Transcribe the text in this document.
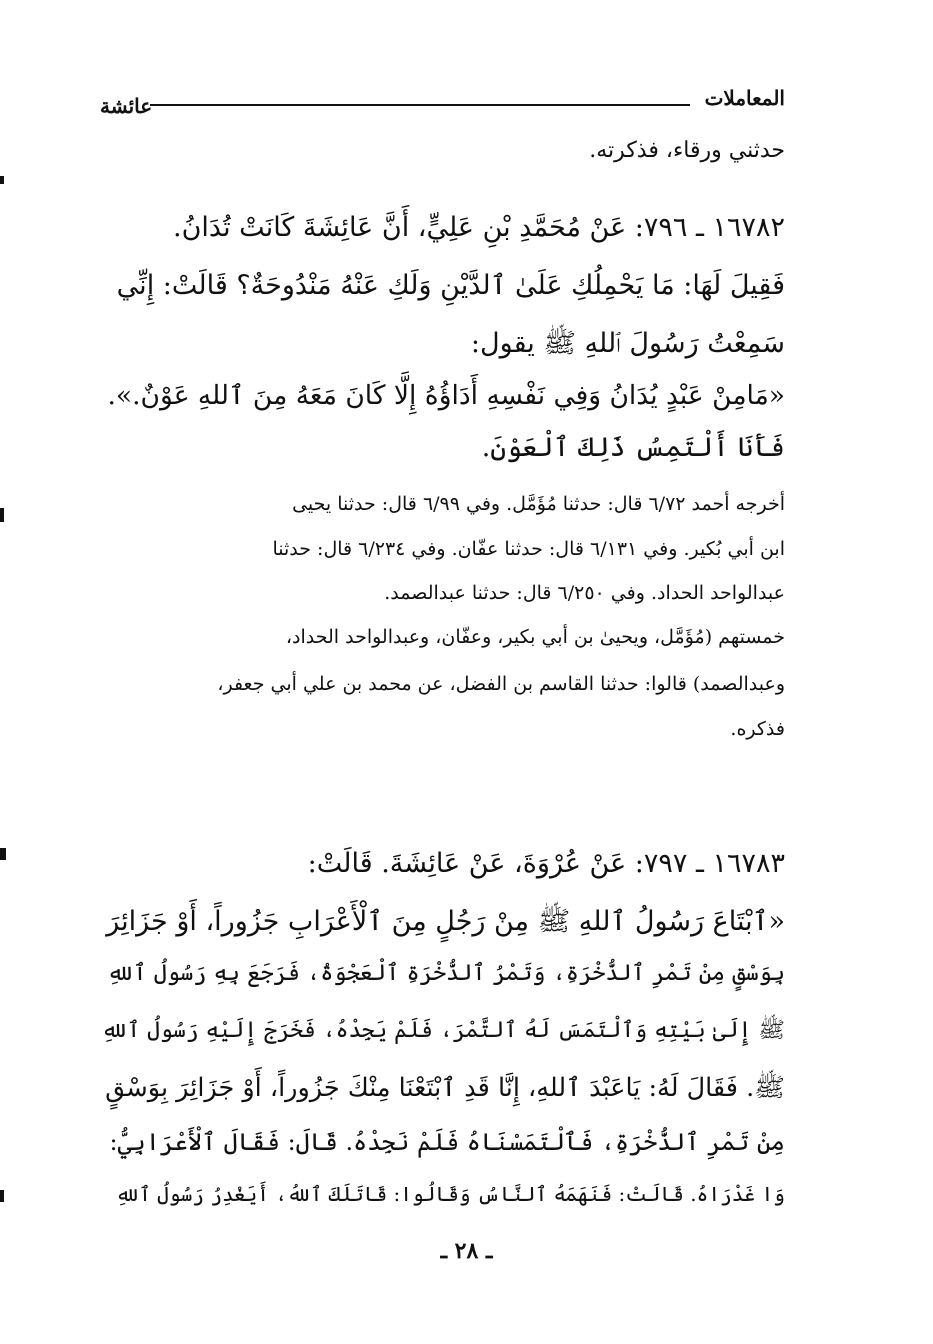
المعاملات
عائشة
حدثني ورقاء، فذكرته.
١٦٧٨٢ ـ ٧٩٦: عَنْ مُحَمَّدِ بْنِ عَلِيٍّ، أَنَّ عَائِشَةَ كَانَتْ تُدَانُ.
فَقِيلَ لَهَا: مَا يَحْمِلُكِ عَلَىٰ ٱلدَّيْنِ وَلَكِ عَنْهُ مَنْدُوحَةٌ؟ قَالَتْ: إِنِّي
سَمِعْتُ رَسُولَ ٱللهِ ﷺ يقول:
«مَامِنْ عَبْدٍ يُدَانُ وَفِي نَفْسِهِ أَدَاؤُهُ إِلَّا كَانَ مَعَهُ مِنَ ٱللهِ عَوْنٌ.».
فَأَنَا أَلْتَمِسُ ذَلِكَ ٱلْعَوْنَ.
أخرجه أحمد ٦/٧٢ قال: حدثنا مُؤَمَّل. وفي ٦/٩٩ قال: حدثنا يحيى
ابن أبي بُكير. وفي ٦/١٣١ قال: حدثنا عفّان. وفي ٦/٢٣٤ قال: حدثنا
عبدالواحد الحداد. وفي ٦/٢٥٠ قال: حدثنا عبدالصمد.
خمستهم (مُؤَمَّل، ويحيىٰ بن أبي بكير، وعفّان، وعبدالواحد الحداد،
وعبدالصمد) قالوا: حدثنا القاسم بن الفضل، عن محمد بن علي أبي جعفر،
فذكره.
١٦٧٨٣ ـ ٧٩٧: عَنْ عُرْوَةَ، عَنْ عَائِشَةَ. قَالَتْ:
«ٱبْتَاعَ رَسُولُ ٱللهِ ﷺ مِنْ رَجُلٍ مِنَ ٱلْأَعْرَابِ جَزُوراً، أَوْ جَزَائِرَ
بِوَسْقٍ مِنْ تَمْرِ ٱلذُّخْرَةِ، وَتَمْرُ ٱلذُّخْرَةِ ٱلْعَجْوَةُ، فَرَجَعَ بِهِ رَسُولُ ٱللهِ
ﷺ إِلَىٰ بَيْتِهِ وَٱلْتَمَسَ لَهُ ٱلتَّمْرَ، فَلَمْ يَجِدْهُ، فَخَرَجَ إِلَيْهِ رَسُولُ ٱللهِ
ﷺ. فَقَالَ لَهُ: يَاعَبْدَ ٱللهِ، إِنَّا قَدِ ٱبْتَعْنَا مِنْكَ جَزُوراً، أَوْ جَزَائِرَ بِوَسْقٍ
مِنْ تَمْرِ ٱلذُّخْرَةِ، فَٱلْتَمَسْنَاهُ فَلَمْ نَجِدْهُ. قَالَ: فَقَالَ ٱلْأَعْرَابِيُّ:
وَا غَدْرَاهُ. قَالَتْ: فَنَهَمَهُ ٱلنَّاسُ وَقَالُوا: قَاتَلَكَ ٱللهُ، أَيَغْدِرُ رَسُولُ ٱللهِ
ـ ٢٨ ـ
